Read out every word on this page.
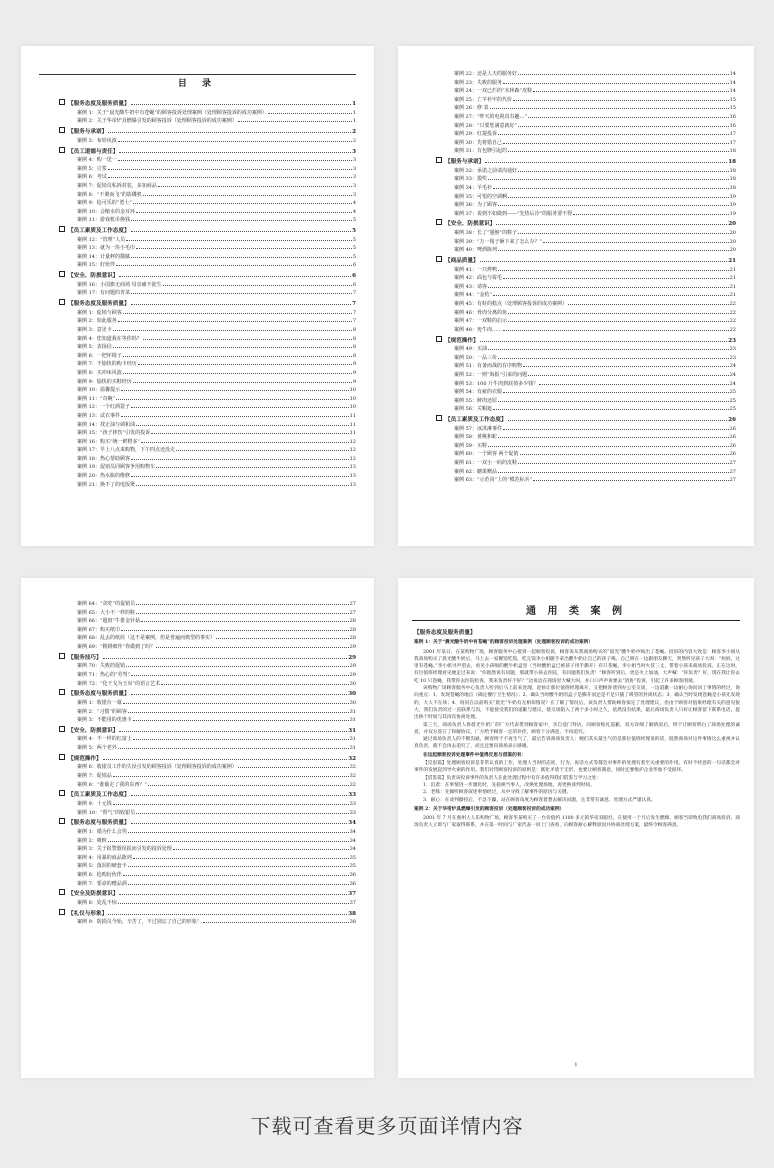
目 录
【服务态度及服务质量】	1
案例 1：关于“晨光酸牛奶中有苍蝇”的顾客投诉处理案例（处理顾客投诉的成功案例）	1
案例 2：关于华帝炉具燃爆引发的顾客投诉（处理顾客投诉的成功案例）	1
【服务与承诺】	2
案例 3：布娃风波	2
【员工道德与责任】	3
案例 4：购一送一	3
案例 5：豆浆	3
案例 6：考试	3
案例 7：促销员私拆封装，多加商品	3
案例 8：“不翼而飞”的影碟机	3
案例 9：抢可乐的“勇士”	4
案例 10：会缩水的金耳环	4
案例 11：游戏机币换钱	5
【员工素质及工作态度】	5
案例 12：“管理”人员	5
案例 13：就为一块小毛巾	5
案例 14：计量秤的猫腻	5
案例 15：好伙伴	6
【安全、防损意识】	6
案例 16：小国旗无商场 母亲痛不欲生	6
案例 17：有问题的青菜	7
【服务态度及服务质量】	7
案例 1：促销与顾客	7
案例 2：如此服务	7
案例 3：意见卡	8
案例 4：您知道我在等你吗？	8
案例 5：表扬信	8
案例 6：一把坏椅子	8
案例 7：不愉快的购卡经历	9
案例 8：买冲床风波	9
案例 9：愉快的买鞋经历	9
案例 10：温馨提示	10
案例 11：“奇碗”	10
案例 12：一个红酒袋子	10
案例 13：试衣事件	11
案例 14：找正油与调和油	11
案例 15：“孩子摔伤”引发的投诉	11
案例 16：购买“统一鲜橙多”	12
案例 17：早上八点来购物，下午四点还没走	12
案例 18：热心帮助顾客	12
案例 19：促销员同顾客争用购物车	13
案例 20：热水瓶的维修	13
案例 21：换不了的电饭煲	13
案例 22：还是人天的服务好	14
案例 23：失败的服务	14
案例 24：一双已烂的“木林森”皮鞋	14
案例 25：亡羊补牢的代价	15
案例 26：修 表	15
案例 27：“昨天的电视真有趣…”	16
案例 28：“只要您满意就好”	16
案例 29：红提投诉	17
案例 30：先将错自己	17
案例 31：有包牌引起的	18
【服务与承诺】	18
案例 32：承诺之前请沟通好	18
案例 33：摸奖	18
案例 34：羊毛衫	18
案例 35：可恨的空调啊	19
案例 36：为了顾客	19
案例 37：说到不如做到——“先热后冷”的服务要不得	19
【安全、防损意识】	20
案例 38：长了“翅膀”的鞋子	20
案例 39：“万一箱子砸下来了怎么办？”	20
案例 40：啤酒陈列	20
【商品质量】	21
案例 41：一只烤鸭	21
案例 42：面包与霉毛	21
案例 43：请客	21
案例 44：“金桔”	21
案例 45：有蛀的糕点（处理顾客投诉的成功案例）	22
案例 46：骨肉分离的鱼	22
案例 47：一双鞋的启示	22
案例 48：死牛肉……	22
【规范操作】	23
案例 49：买油	23
案例 50：一品三价	23
案例 51：有备而战的有序购物	24
案例 52：一则“海报”引来的问题	24
案例 53：100 斤牛肉到底值多少钱？	24
案例 54：有疵的衣服	25
案例 55：鲜肉还原	25
案例 56：关帽遮	25
【员工素质及工作态度】	26
案例 57：冰淇淋事件	26
案例 58：黄桃和蛇	26
案例 59：买鞋	26
案例 60：一个顾客 两个促销	26
案例 61：一双小一码的皮鞋	27
案例 62：糖果赠品	27
案例 63：“示范岗”上的“模范标兵”	27
案例 64：“贪吃”的促销员	27
案例 65：大小不一样的鞋	27
案例 66：“超值”牛排金针菇	28
案例 67：购买纸巾	28
案例 68：乱丢的纸屑（这不是案例，但是普遍而典型的事实）	28
案例 69：“精耕细作”你做到了吗？	29
【服务技巧】	29
案例 70：失败的促销	29
案例 71：热心的“劳驾”	29
案例 72：“化干戈为玉帛”的语言艺术	30
【服务态度与服务质量】	30
案例 1：收银台一幕	30
案例 2：“习惯”的顾客	31
案例 3：不能用的优惠卡	31
【安全、防损意识】	31
案例 4：不一样的红富士	31
案例 5：两个老外	31
【规范操作】	32
案例 6：收银员工作的失误引发的顾客投诉（处理顾客投诉的成功案例）	32
案例 7：促销品	32
案例 8：“谁偷走了我的东西？”	32
【员工素质及工作态度】	33
案例 9：十元钱	33
案例 10：“帮气”的收银员	33
【服务态度与服务质量】	34
案例 1：婚为什么会哭	34
案例 2：吸赃	34
案例 3：关于报警器误报而引发的投诉处理	34
案例 4：用暴的商品陈列	35
案例 5：落泪的硬套卡	35
案例 6：抢购衍伙伴	36
案例 7：要命的赠品酒	36
【安全及防损意识】	37
案例 8：处乱不惊	37
【礼仪与形象】	38
案例 9：防损员今始，辛苦了，不过别忘了自己的形象！	38
通 用 类 案 例
【服务态度及服务质量】
案例 1：关于“晨光酸牛奶中有苍蝇”的顾客投诉处理案例（处理顾客投诉的成功案例）

2001 年某日，在某购物广场，顾客服务中心接到一起顾客投诉，顾客说从我商场购买的“晨光”酸牛奶中喝出了苍蝇。投诉的内容大致是：顾客李小姐从我商场购买了晨光酸牛奶后，马上去一家餐馆吃饭，吃完饭李小姐随手拿出酸牛奶让自己的孩子喝，自己则在一边跟朋友聊天，突然听见孩子大叫：“妈妈，这里有苍蝇。”李小姐寻声望去，看见小孩喝的酸牛奶盒里（当时酸奶盒已被孩子用手撕开）有只苍蝇。李小姐当时火冒三丈，带着小孩来商场投诉。正在这时，有位值班经理看见便走过来说：“你既然说有问题，那就带小孩去医院，有问题我们负责！”顾客听到后，更是火上加油，大声喊：“你负责？好，现在我让你去吃 10 只苍蝇，我带你去医院检查，我来负责好不好？”边说边在商场里大喊大叫，并口口声声说要去“消协”投诉，引起了许多顾客围观。

该购物广场顾客服务中心负责人听到后马上前来处理，赶快让那位值班经理离开，又把顾客请到办公室交谈，一边道歉一边耐心询问问了事情的经过，询问重点：1、发现苍蝇的地点（确定餐厅卫生情况）；2、确认当时酸牛奶的盒子是撕开而还是不足只插了吸管的封闭状态；3、确认当时发现苍蝇是小孩先发现的，大人不在场；4、询问在以前购买“晨光”牛奶有无相似情况？在了解了情况后，该负责人帮助顾客拟定了处理建议，但由于顾客对值班经理有关的意见很大，我们负责的过一直联系与沟，不能接受我们的道歉与建议，使交谈陷入了两个多小时之久，依然没有结果，最后商场负责人只好让顾客留下联系电话，提出换个时间与其再次协商处理。

第三天，商场负责人将晨光牛奶厂的厂方代表带到顾客家中，亲自登门拜访，向顾客赔礼道歉，双方详细了解情况后，终于让顾客明白了商场处理的诚意，并双方签订了和解协议，厂方给予顾客一定的补偿，顾客十分满意，不再追究。

通过商场负责人的不断沟通，顾客终于不再生气了，最后告诉商场负责人：她们其实最生气的是那位值班经理说的话，既然商场对这件事情这么重视并认真负责，就不会再去追究了，而且还要向商场表示感谢。

在这起顾客投诉处理事件中值得反思与借鉴的有：

【反思篇】处理顾客投诉是非常认真的工作，处理人当时的态度、行为，说话方式等都会对事件的处理有着至关重要的作用。有时不经意的一句话都会对事件的发展起到导火索的作用。我们对待顾客投诉的原则是：既化矛盾于无形，也要让顾客满意，同时还要维护企业形象不受损坏。

【借鉴篇】负责该投诉事件的负责人在此处理过程中有许多值得我们借鉴与学习之处：

1．沉着：在事情进一步激化时，先稳换当事人，改换处理场地，再更换谈判时间。

2．老练：先倾听顾客叙述事情经过，从中寻找了解事件的原因与关键。

3．耐心：在谈判僵持后，不急不躁，站在顾客角度为顾客着想去解决问题，且非常有诚意、处理方式严谨认真。

案例 2：关于华帝炉具燃爆引发的顾客投诉（处理顾客投诉的成功案例）

2001 年 7 月在惠州人人乐购物广场，顾客华某购买了一台价值约 1100 多元的华帝双眼灶，在使用一个月后发生燃爆，顾客当即致电我们商场投诉，商场负责人立即与厂家取得联系，并在第一时间与厂家代表一同上门查看，向顾客耐心解释原因并协商处理方案，最终令顾客满意。

1
下载可查看更多页面详情内容
